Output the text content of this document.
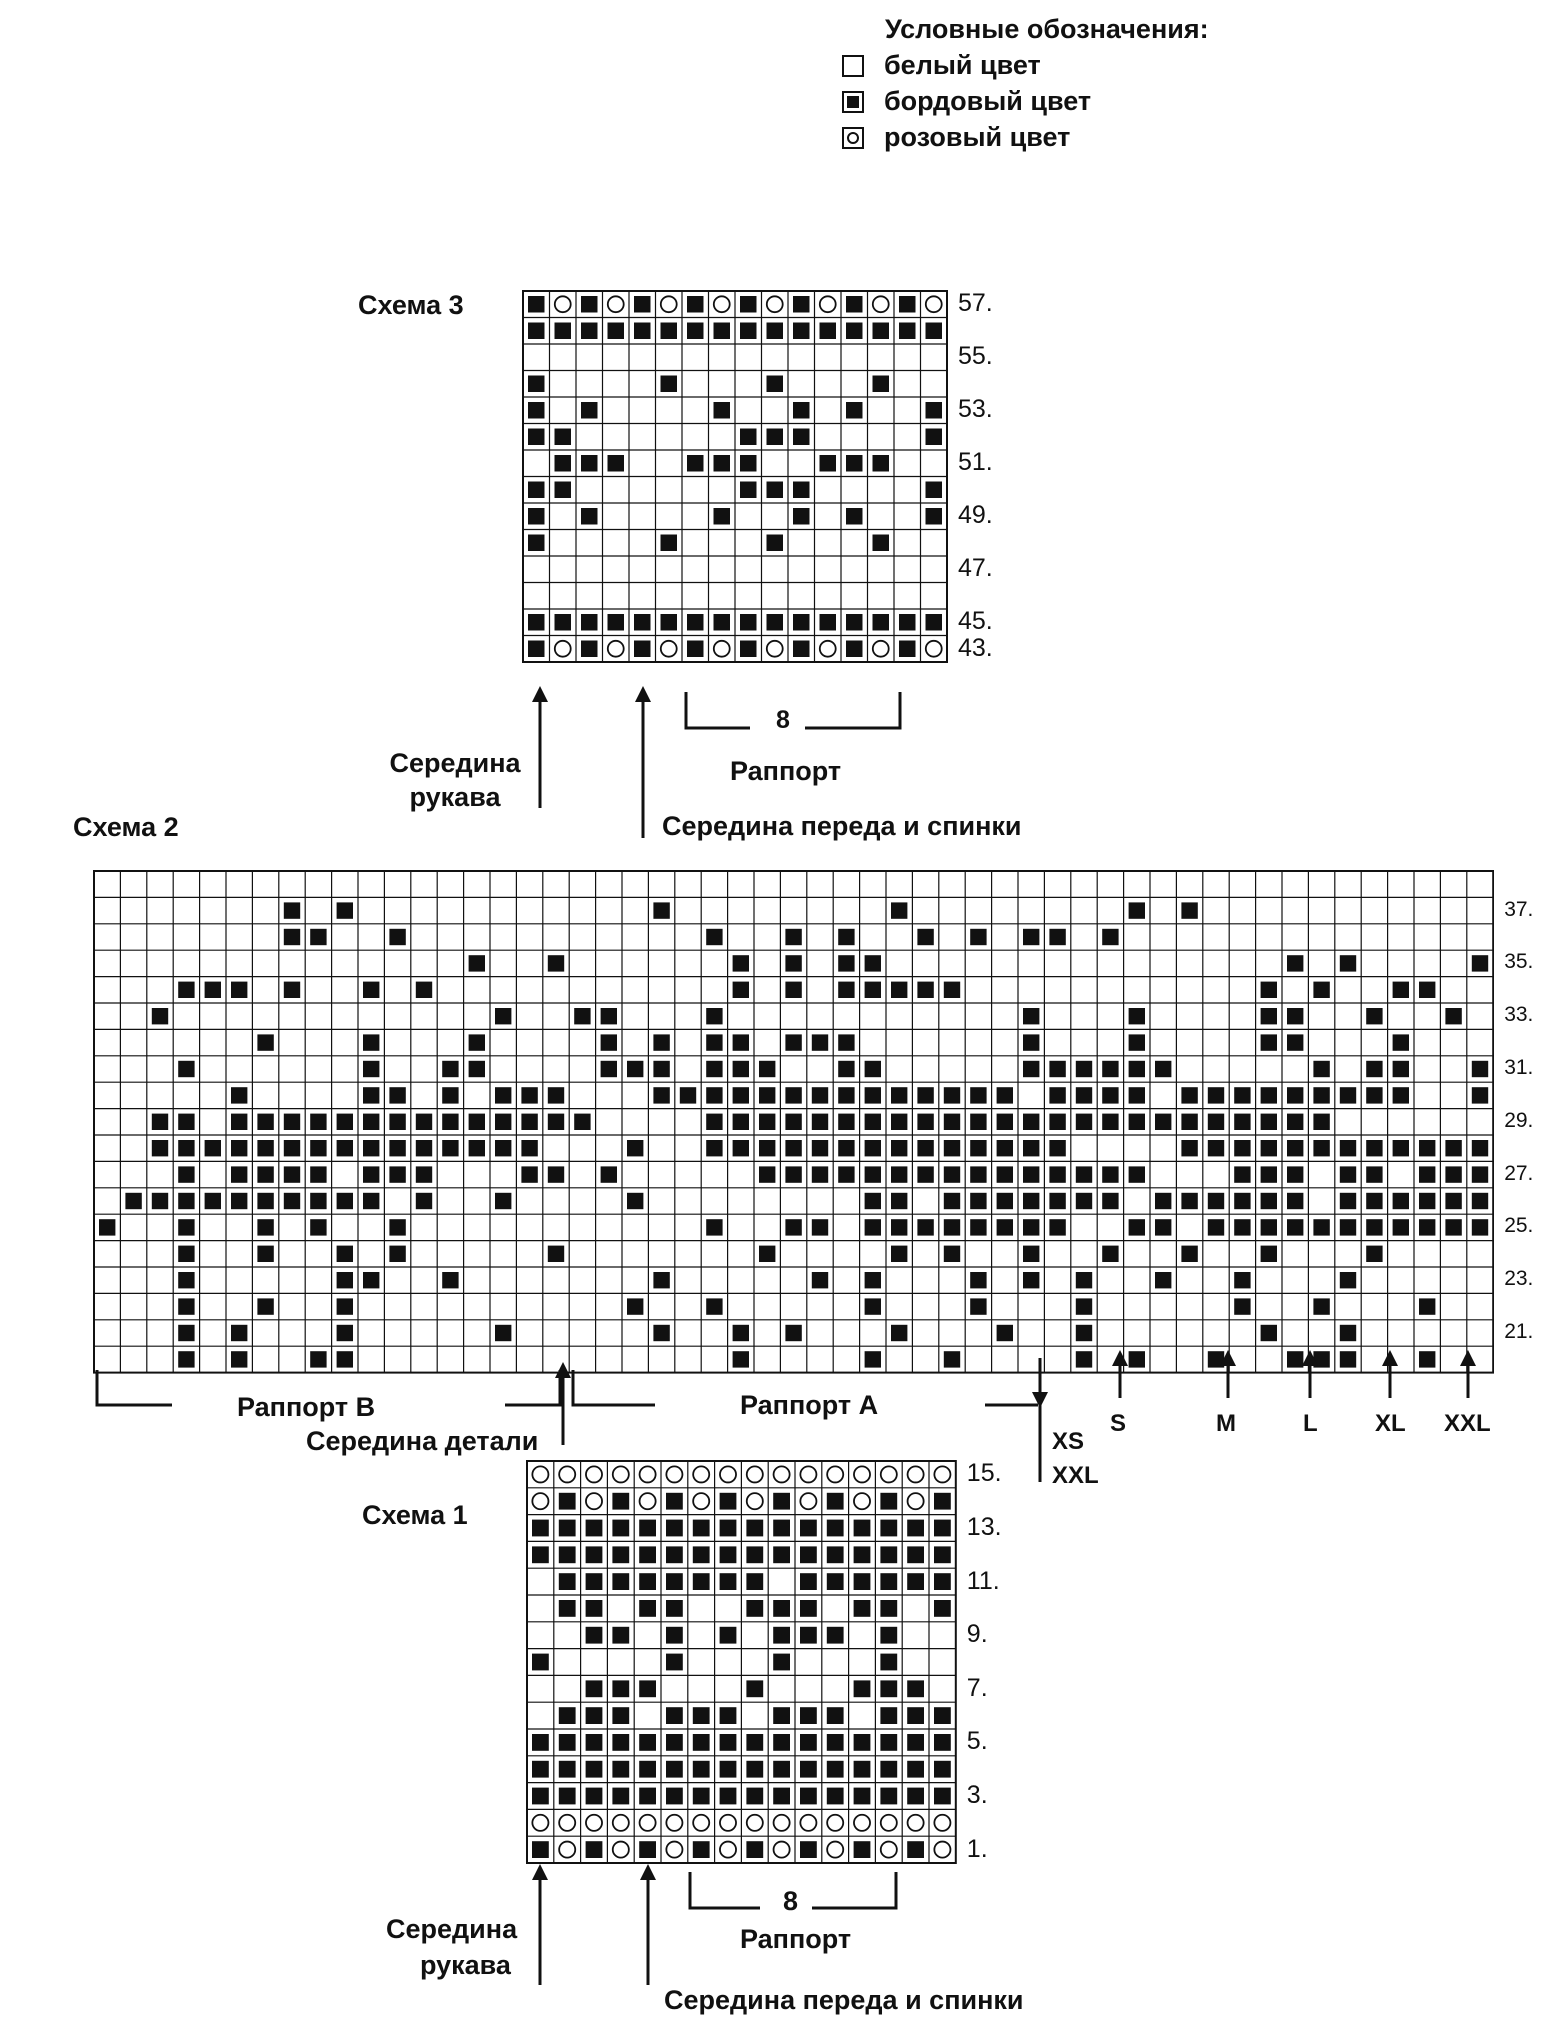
Условные обозначения:
белый цвет
бордовый цвет
розовый цвет
Схема 3	57.
55.
53.
51.
49.
47.
45.
43.
8
Раппорт
Середина рукава
Середина переда и спинки
Схема 2
37.
35.
33.
31.
29.
27.
25.
23.
21.
Раппорт B	Раппорт A
Середина детали	XS
XXL
S	M	L XL XXL
Схема 1
15.
13.
11.
9.
7.
5.
3.
1.
8
Раппорт
Середина
рукава
Середина переда и спинки
